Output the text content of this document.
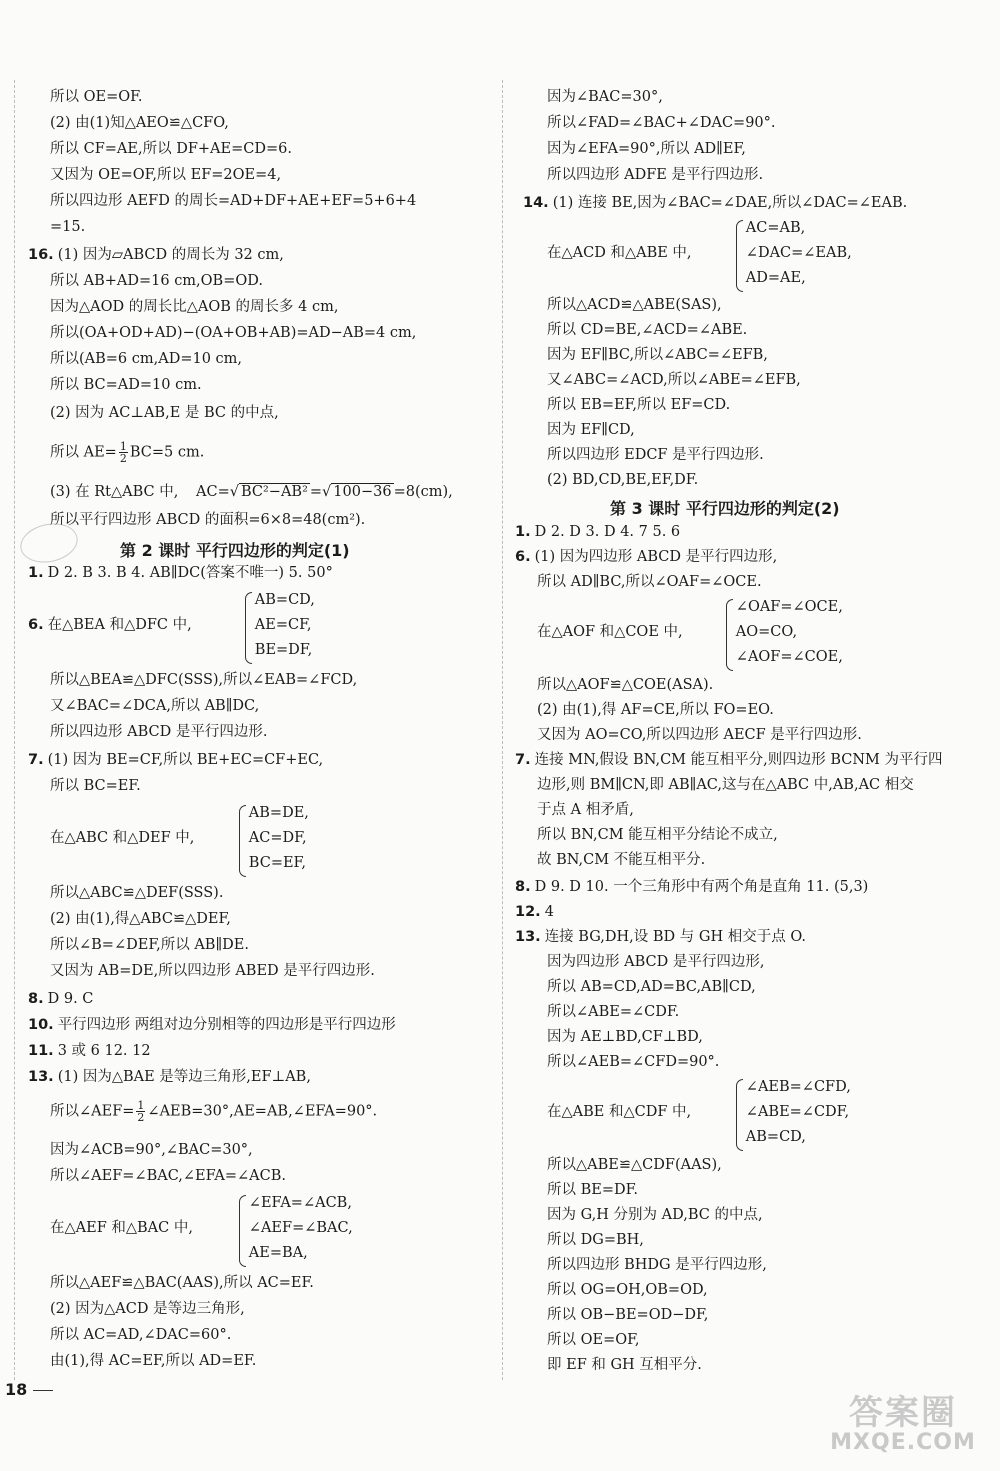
所以 OE=OF.
(2) 由(1)知△AEO≌△CFO,
所以 CF=AE,所以 DF+AE=CD=6.
又因为 OE=OF,所以 EF=2OE=4,
所以四边形 AEFD 的周长=AD+DF+AE+EF=5+6+4
=15.
16. (1) 因为▱ABCD 的周长为 32 cm,
所以 AB+AD=16 cm,OB=OD.
因为△AOD 的周长比△AOB 的周长多 4 cm,
所以(OA+OD+AD)−(OA+OB+AB)=AD−AB=4 cm,
所以(AB=6 cm,AD=10 cm,
所以 BC=AD=10 cm.
(2) 因为 AC⊥AB,E 是 BC 的中点,
(3) 在 Rt△ABC 中,
所以平行四边形 ABCD 的面积=6×8=48(cm²).
1. D 2. B 3. B 4. AB∥DC(答案不唯一) 5. 50°
所以△BEA≌△DFC(SSS),所以∠EAB=∠FCD,
又∠BAC=∠DCA,所以 AB∥DC,
所以四边形 ABCD 是平行四边形.
7. (1) 因为 BE=CF,所以 BE+EC=CF+EC,
所以 BC=EF.
所以△ABC≌△DEF(SSS).
(2) 由(1),得△ABC≌△DEF,
所以∠B=∠DEF,所以 AB∥DE.
又因为 AB=DE,所以四边形 ABED 是平行四边形.
8. D 9. C
10. 平行四边形 两组对边分别相等的四边形是平行四边形
11. 3 或 6 12. 12
13. (1) 因为△BAE 是等边三角形,EF⊥AB,
因为∠ACB=90°,∠BAC=30°,
所以∠AEF=∠BAC,∠EFA=∠ACB.
所以△AEF≌△BAC(AAS),所以 AC=EF.
(2) 因为△ACD 是等边三角形,
所以 AC=AD,∠DAC=60°.
由(1),得 AC=EF,所以 AD=EF.
6. 在△BEA 和△DFC 中,
AB=CD,
AE=CF,
BE=DF,
在△ABC 和△DEF 中,
AB=DE,
AC=DF,
BC=EF,
在△AEF 和△BAC 中,
∠EFA=∠ACB,
∠AEF=∠BAC,
AE=BA,
因为∠BAC=30°,
所以∠FAD=∠BAC+∠DAC=90°.
因为∠EFA=90°,所以 AD∥EF,
所以四边形 ADFE 是平行四边形.
14. (1) 连接 BE,因为∠BAC=∠DAE,所以∠DAC=∠EAB.
所以△ACD≌△ABE(SAS),
所以 CD=BE,∠ACD=∠ABE.
因为 EF∥BC,所以∠ABC=∠EFB,
又∠ABC=∠ACD,所以∠ABE=∠EFB,
所以 EB=EF,所以 EF=CD.
因为 EF∥CD,
所以四边形 EDCF 是平行四边形.
(2) BD,CD,BE,EF,DF.
1. D 2. D 3. D 4. 7 5. 6
6. (1) 因为四边形 ABCD 是平行四边形,
所以 AD∥BC,所以∠OAF=∠OCE.
所以△AOF≌△COE(ASA).
(2) 由(1),得 AF=CE,所以 FO=EO.
又因为 AO=CO,所以四边形 AECF 是平行四边形.
7. 连接 MN,假设 BN,CM 能互相平分,则四边形 BCNM 为平行四
边形,则 BM∥CN,即 AB∥AC,这与在△ABC 中,AB,AC 相交
于点 A 相矛盾,
所以 BN,CM 能互相平分结论不成立,
故 BN,CM 不能互相平分.
8. D 9. D 10. 一个三角形中有两个角是直角 11. (5,3)
12. 4
13. 连接 BG,DH,设 BD 与 GH 相交于点 O.
因为四边形 ABCD 是平行四边形,
所以 AB=CD,AD=BC,AB∥CD,
所以∠ABE=∠CDF.
因为 AE⊥BD,CF⊥BD,
所以∠AEB=∠CFD=90°.
所以△ABE≌△CDF(AAS),
所以 BE=DF.
因为 G,H 分别为 AD,BC 的中点,
所以 DG=BH,
所以四边形 BHDG 是平行四边形,
所以 OG=OH,OB=OD,
所以 OB−BE=OD−DF,
所以 OE=OF,
即 EF 和 GH 互相平分.
在△ACD 和△ABE 中,
AC=AB,
∠DAC=∠EAB,
AD=AE,
在△AOF 和△COE 中,
∠OAF=∠OCE,
AO=CO,
∠AOF=∠COE,
在△ABE 和△CDF 中,
∠AEB=∠CFD,
∠ABE=∠CDF,
AB=CD,
第 2 课时 平行四边形的判定(1)
第 3 课时 平行四边形的判定(2)
所以 $AE= \frac{1}{2} BC=5$ cm.
AC=√ BC²−AB² =√ 100−36 =8(cm),
所以∠AEF= $\frac{1}{2}$ ∠AEB=30°,AE=AB,∠EFA=90°.
18
答案圈
MXQE.COM
